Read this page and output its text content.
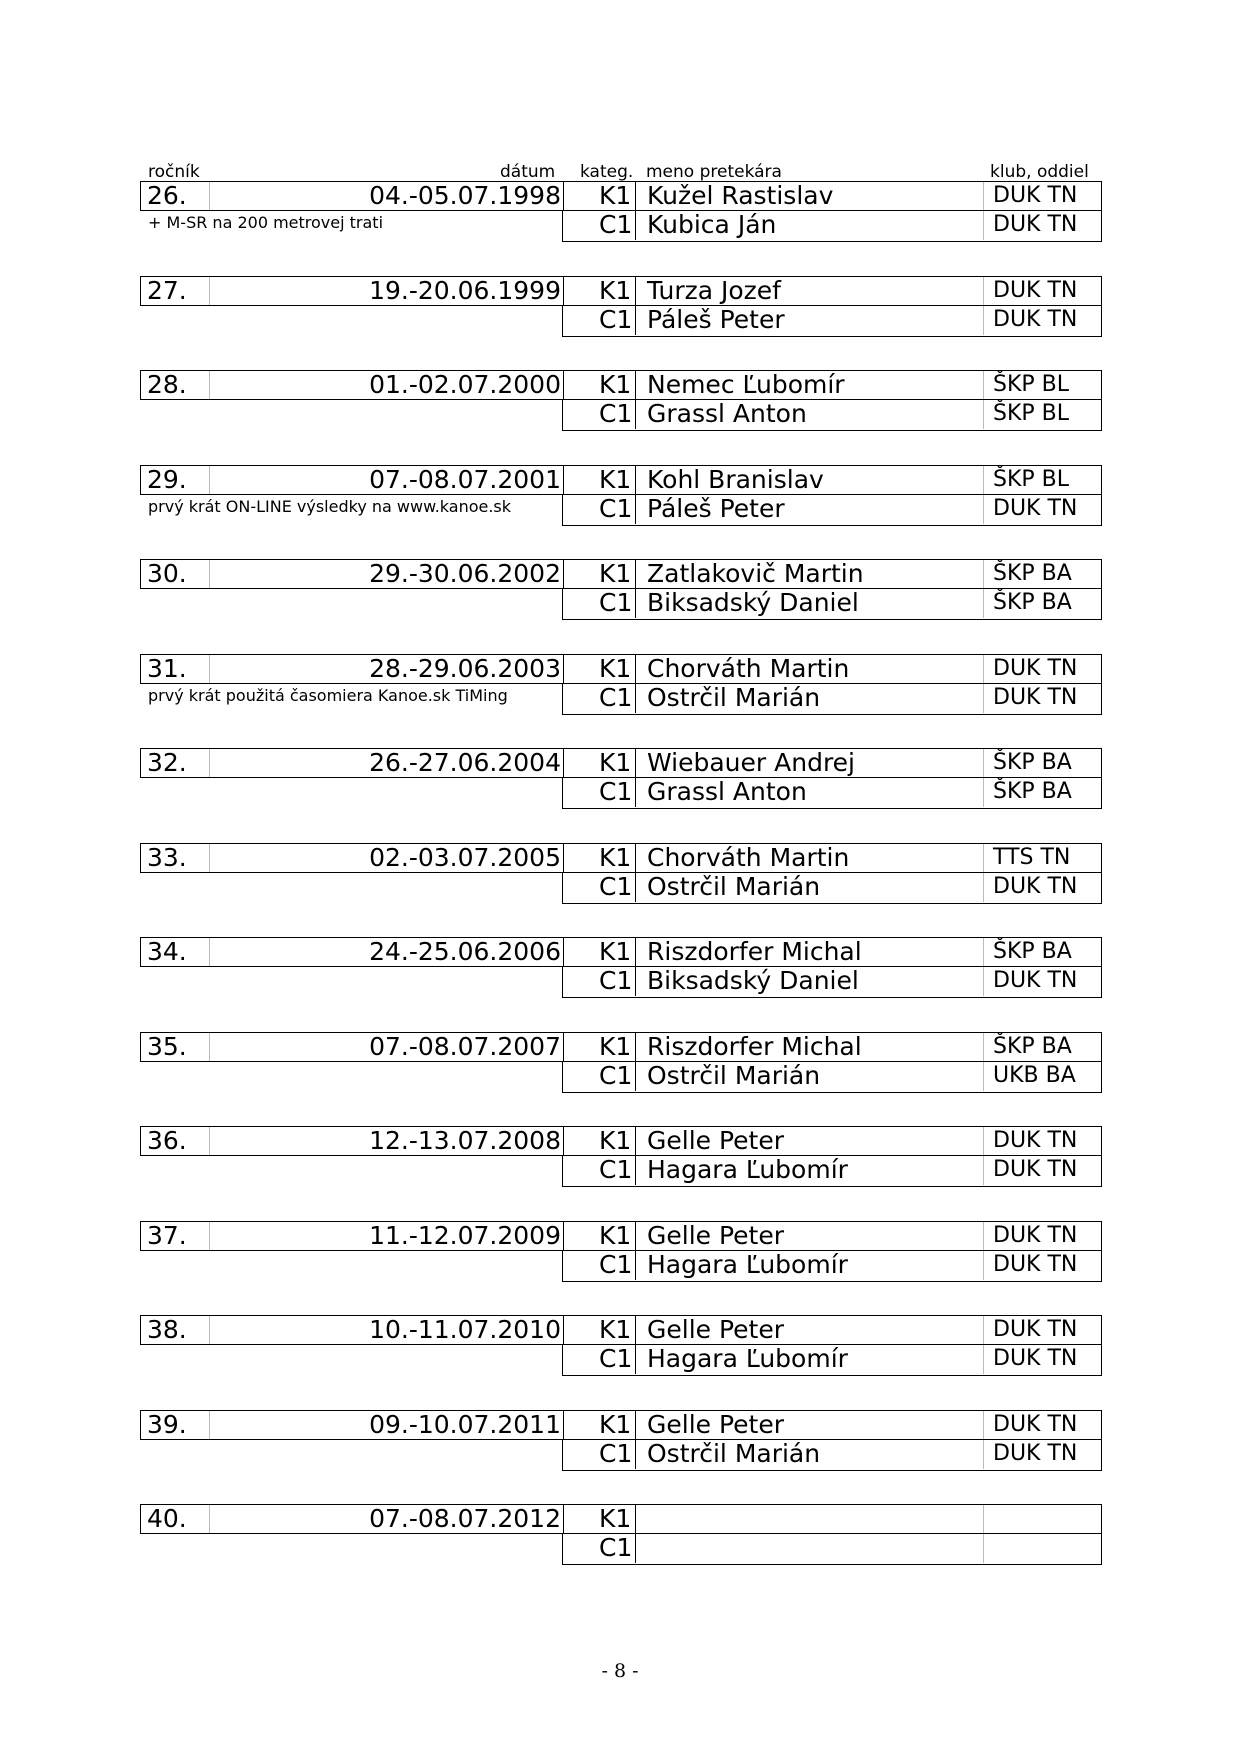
ročník	dátum kateg. meno pretekára	klub, oddiel
26.	04.-05.07.1998 K1 Kužel Rastislav	DUK TN
C1 Kubica Ján	DUK TN
+ M-SR na 200 metrovej trati
27.	19.-20.06.1999 K1 Turza Jozef	DUK TN
C1 Páleš Peter	DUK TN
28.	01.-02.07.2000 K1 Nemec Ľubomír	ŠKP BL
C1 Grassl Anton	ŠKP BL
29.	07.-08.07.2001 K1 Kohl Branislav	ŠKP BL
C1 Páleš Peter	DUK TN
prvý krát ON-LINE výsledky na www.kanoe.sk
30.	29.-30.06.2002 K1 Zatlakovič Martin	ŠKP BA
C1 Biksadský Daniel	ŠKP BA
31.	28.-29.06.2003 K1 Chorváth Martin	DUK TN
C1 Ostrčil Marián	DUK TN
prvý krát použitá časomiera Kanoe.sk TiMing
32.	26.-27.06.2004 K1 Wiebauer Andrej	ŠKP BA
C1 Grassl Anton	ŠKP BA
33.	02.-03.07.2005 K1 Chorváth Martin	TTS TN
C1 Ostrčil Marián	DUK TN
34.	24.-25.06.2006 K1 Riszdorfer Michal	ŠKP BA
C1 Biksadský Daniel	DUK TN
35.	07.-08.07.2007 K1 Riszdorfer Michal	ŠKP BA
C1 Ostrčil Marián	UKB BA
36.	12.-13.07.2008 K1 Gelle Peter	DUK TN
C1 Hagara Ľubomír	DUK TN
37.	11.-12.07.2009 K1 Gelle Peter	DUK TN
C1 Hagara Ľubomír	DUK TN
38.	10.-11.07.2010 K1 Gelle Peter	DUK TN
C1 Hagara Ľubomír	DUK TN
39.	09.-10.07.2011 K1 Gelle Peter	DUK TN
C1 Ostrčil Marián	DUK TN
40.	07.-08.07.2012 K1
C1
- 8 -
